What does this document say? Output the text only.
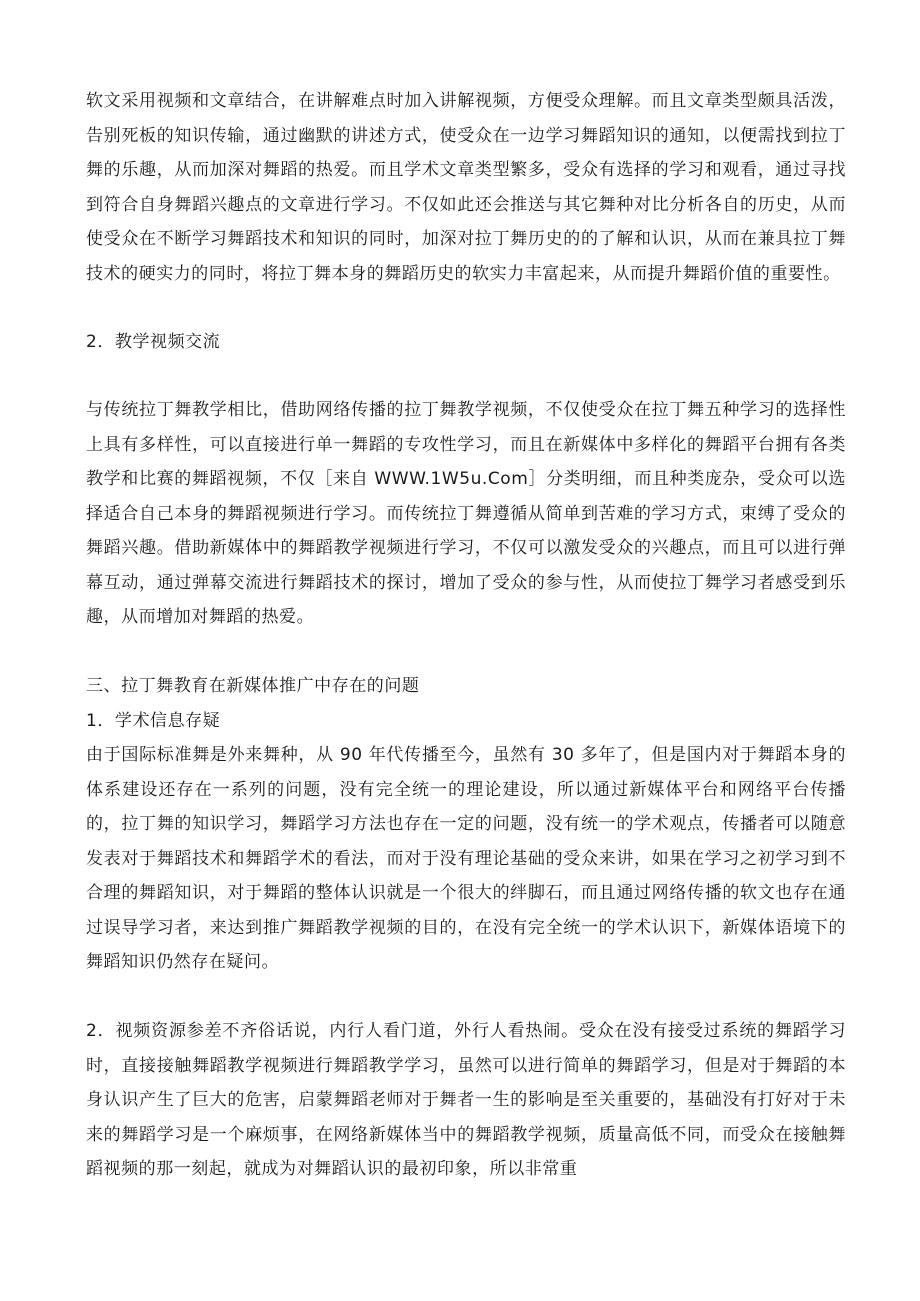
软文采用视频和文章结合，在讲解难点时加入讲解视频，方便受众理解。而且文章类型颇具活泼，告别死板的知识传输，通过幽默的讲述方式，使受众在一边学习舞蹈知识的通知，以便需找到拉丁舞的乐趣，从而加深对舞蹈的热爱。而且学术文章类型繁多，受众有选择的学习和观看，通过寻找到符合自身舞蹈兴趣点的文章进行学习。不仅如此还会推送与其它舞种对比分析各自的历史，从而使受众在不断学习舞蹈技术和知识的同时，加深对拉丁舞历史的的了解和认识，从而在兼具拉丁舞技术的硬实力的同时，将拉丁舞本身的舞蹈历史的软实力丰富起来，从而提升舞蹈价值的重要性。

2．教学视频交流

与传统拉丁舞教学相比，借助网络传播的拉丁舞教学视频，不仅使受众在拉丁舞五种学习的选择性上具有多样性，可以直接进行单一舞蹈的专攻性学习，而且在新媒体中多样化的舞蹈平台拥有各类教学和比赛的舞蹈视频，不仅［来自 WWW.1W5u.Com］分类明细，而且种类庞杂，受众可以选择适合自己本身的舞蹈视频进行学习。而传统拉丁舞遵循从简单到苦难的学习方式，束缚了受众的舞蹈兴趣。借助新媒体中的舞蹈教学视频进行学习，不仅可以激发受众的兴趣点，而且可以进行弹幕互动，通过弹幕交流进行舞蹈技术的探讨，增加了受众的参与性，从而使拉丁舞学习者感受到乐趣，从而增加对舞蹈的热爱。

三、拉丁舞教育在新媒体推广中存在的问题

1．学术信息存疑

由于国际标准舞是外来舞种，从 90 年代传播至今，虽然有 30 多年了，但是国内对于舞蹈本身的体系建设还存在一系列的问题，没有完全统一的理论建设，所以通过新媒体平台和网络平台传播的，拉丁舞的知识学习，舞蹈学习方法也存在一定的问题，没有统一的学术观点，传播者可以随意发表对于舞蹈技术和舞蹈学术的看法，而对于没有理论基础的受众来讲，如果在学习之初学习到不合理的舞蹈知识，对于舞蹈的整体认识就是一个很大的绊脚石，而且通过网络传播的软文也存在通过误导学习者，来达到推广舞蹈教学视频的目的，在没有完全统一的学术认识下，新媒体语境下的舞蹈知识仍然存在疑问。

2．视频资源参差不齐俗话说，内行人看门道，外行人看热闹。受众在没有接受过系统的舞蹈学习时，直接接触舞蹈教学视频进行舞蹈教学学习，虽然可以进行简单的舞蹈学习，但是对于舞蹈的本身认识产生了巨大的危害，启蒙舞蹈老师对于舞者一生的影响是至关重要的，基础没有打好对于未来的舞蹈学习是一个麻烦事，在网络新媒体当中的舞蹈教学视频，质量高低不同，而受众在接触舞蹈视频的那一刻起，就成为对舞蹈认识的最初印象，所以非常重
